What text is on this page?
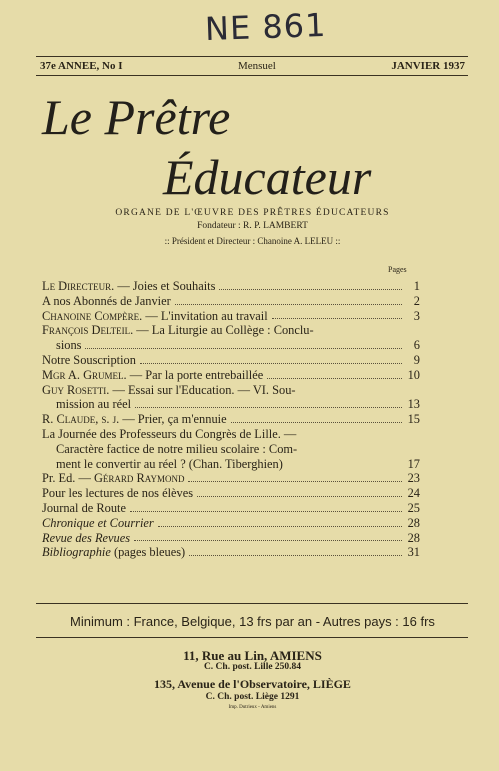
NE 861
37e ANNEE, No I	Mensuel	JANVIER 1937
Le Prêtre
Éducateur
ORGANE DE L'ŒUVRE DES PRÊTRES ÉDUCATEURS
Fondateur : R. P. LAMBERT
:: Président et Directeur : Chanoine A. LELEU ::
Pages
Le Directeur. — Joies et Souhaits	1
A nos Abonnés de Janvier	2
Chanoine Compère. — L'invitation au travail	3
François Delteil. — La Liturgie au Collège : Conclu-
sions	6
Notre Souscription	9
Mgr A. Grumel. — Par la porte entrebaillée	10
Guy Rosetti. — Essai sur l'Education. — VI. Sou-
mission au réel	13
R. Claude, s. j. — Prier, ça m'ennuie	15
La Journée des Professeurs du Congrès de Lille. —
Caractère factice de notre milieu scolaire : Com-
ment le convertir au réel ? (Chan. Tiberghien)	17
Pr. Ed. — Gérard Raymond	23
Pour les lectures de nos élèves	24
Journal de Route	25
Chronique et Courrier	28
Revue des Revues	28
Bibliographie (pages bleues)	31
Minimum : France, Belgique, 13 frs par an - Autres pays : 16 frs
11, Rue au Lin, AMIENS
C. Ch. post. Lille 250.84
135, Avenue de l'Observatoire, LIÈGE
C. Ch. post. Liège 1291
Imp. Dutrieux - Amiens
